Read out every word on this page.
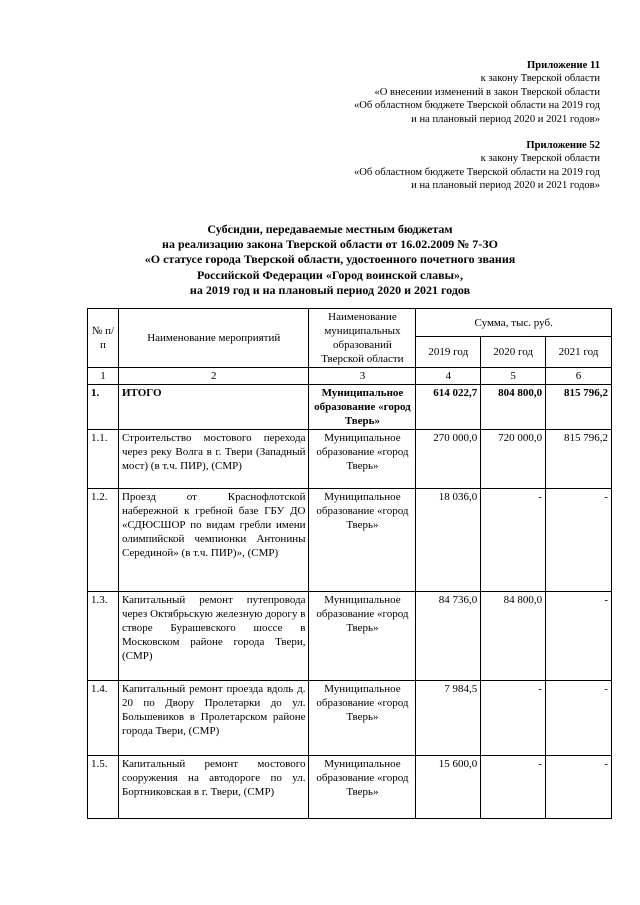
Приложение 11
к закону Тверской области
«О внесении изменений в закон Тверской области
«Об областном бюджете Тверской области на 2019 год
и на плановый период 2020 и 2021 годов»
Приложение 52
к закону Тверской области
«Об областном бюджете Тверской области на 2019 год
и на плановый период 2020 и 2021 годов»
Субсидии, передаваемые местным бюджетам
на реализацию закона Тверской области от 16.02.2009 № 7-ЗО
«О статусе города Тверской области, удостоенного почетного звания
Российской Федерации «Город воинской славы»,
на 2019 год и на плановый период 2020 и 2021 годов
№ п/п	Наименование мероприятий	Наименование муниципальных образований Тверской области	Сумма, тыс. руб.		
			2019 год	2020 год	2021 год
1	2	3	4	5	6
1.	ИТОГО	Муниципальное образование «город Тверь»	614 022,7	804 800,0	815 796,2
1.1.	Строительство мостового перехода через реку Волга в г. Твери (Западный мост) (в т.ч. ПИР), (СМР)	Муниципальное образование «город Тверь»	270 000,0	720 000,0	815 796,2
1.2.	Проезд от Краснофлотской набережной к гребной базе ГБУ ДО «СДЮСШОР по видам гребли имени олимпийской чемпионки Антонины Серединой» (в т.ч. ПИР)», (СМР)	Муниципальное образование «город Тверь»	18 036,0	-	-
1.3.	Капитальный ремонт путепровода через Октябрьскую железную дорогу в створе Бурашевского шоссе в Московском районе города Твери, (СМР)	Муниципальное образование «город Тверь»	84 736,0	84 800,0	-
1.4.	Капитальный ремонт проезда вдоль д. 20 по Двору Пролетарки до ул. Большевиков в Пролетарском районе города Твери, (СМР)	Муниципальное образование «город Тверь»	7 984,5	-	-
1.5.	Капитальный ремонт мостового сооружения на автодороге по ул. Бортниковская в г. Твери, (СМР)	Муниципальное образование «город Тверь»	15 600,0	-	-
